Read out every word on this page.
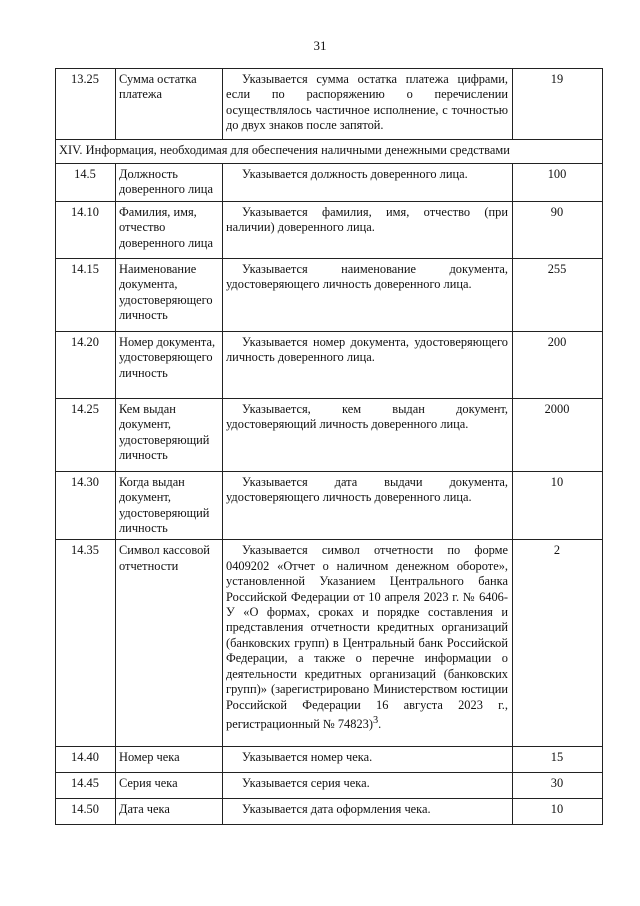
31
13.25	Сумма остатка платежа	Указывается сумма остатка платежа цифрами, если по распоряжению о перечислении осуществлялось частичное исполнение, с точностью до двух знаков после запятой.	19
XIV. Информация, необходимая для обеспечения наличными денежными средствами			
14.5	Должность доверенного лица	Указывается должность доверенного лица.	100
14.10	Фамилия, имя, отчество доверенного лица	Указывается фамилия, имя, отчество (при наличии) доверенного лица.	90
14.15	Наименование документа, удостоверяющего личность	Указывается наименование документа, удостоверяющего личность доверенного лица.	255
14.20	Номер документа, удостоверяющего личность	Указывается номер документа, удостоверяющего личность доверенного лица.	200
14.25	Кем выдан документ, удостоверяющий личность	Указывается, кем выдан документ, удостоверяющий личность доверенного лица.	2000
14.30	Когда выдан документ, удостоверяющий личность	Указывается дата выдачи документа, удостоверяющего личность доверенного лица.	10
14.35	Символ кассовой отчетности	Указывается символ отчетности по форме 0409202 «Отчет о наличном денежном обороте», установленной Указанием Центрального банка Российской Федерации от 10 апреля 2023 г. № 6406-У «О формах, сроках и порядке составления и представления отчетности кредитных организаций (банковских групп) в Центральный банк Российской Федерации, а также о перечне информации о деятельности кредитных организаций (банковских групп)» (зарегистрировано Министерством юстиции Российской Федерации 16 августа 2023 г., регистрационный № 74823)$^3$.	2
14.40	Номер чека	Указывается номер чека.	15
14.45	Серия чека	Указывается серия чека.	30
14.50	Дата чека	Указывается дата оформления чека.	10
